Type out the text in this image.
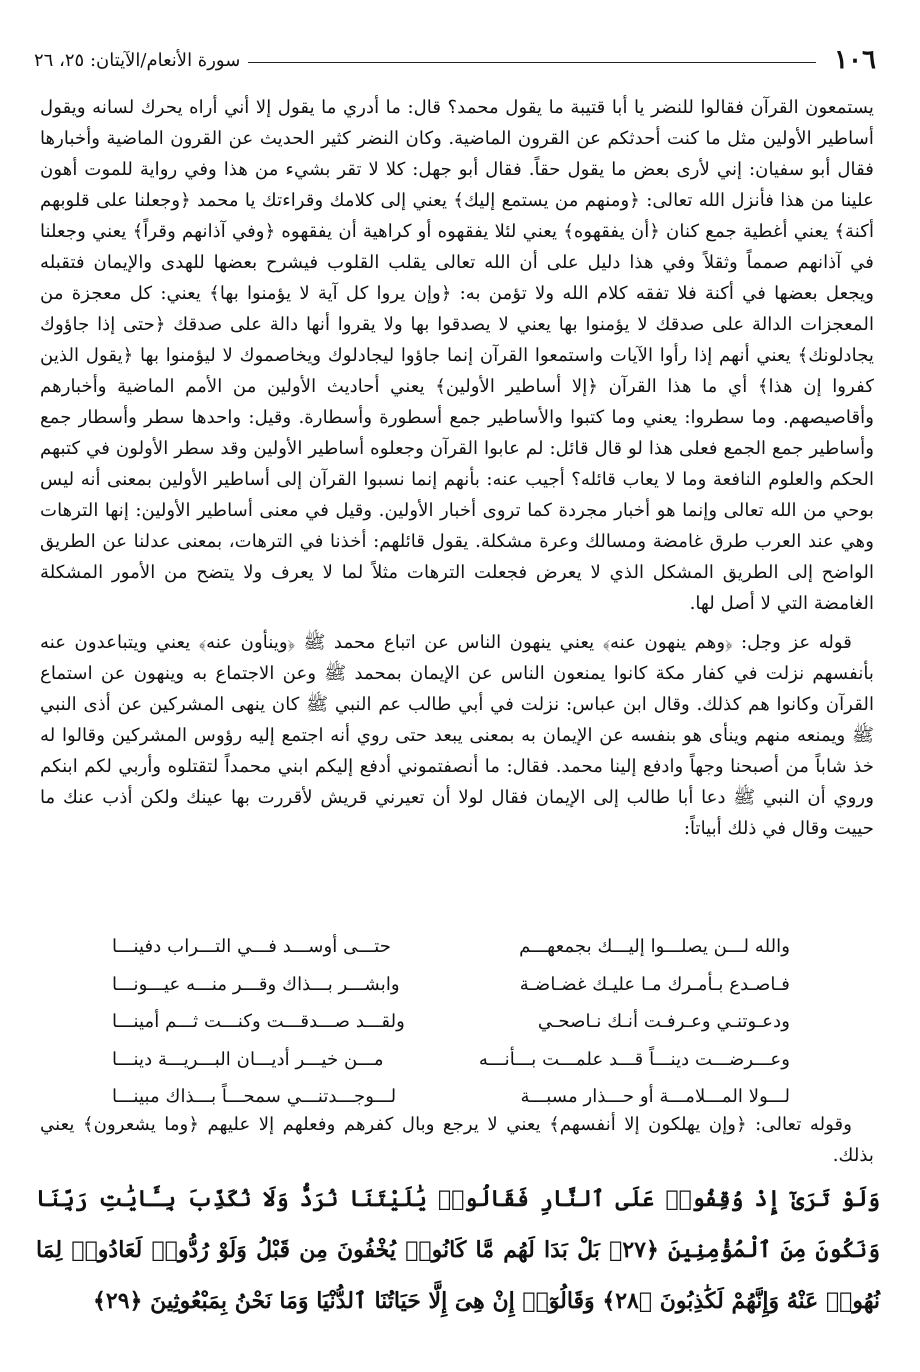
١٠٦
سورة الأنعام/الآيتان: ٢٥، ٢٦

يستمعون القرآن فقالوا للنضر يا أبا قتيبة ما يقول محمد؟ قال: ما أدري ما يقول إلا أني أراه يحرك لسانه ويقول أساطير الأولين مثل ما كنت أحدثكم عن القرون الماضية. وكان النضر كثير الحديث عن القرون الماضية وأخبارها فقال أبو سفيان: إني لأرى بعض ما يقول حقاً. فقال أبو جهل: كلا لا تقر بشيء من هذا وفي رواية للموت أهون علينا من هذا فأنزل الله تعالى: ﴿ومنهم من يستمع إليك﴾ يعني إلى كلامك وقراءتك يا محمد ﴿وجعلنا على قلوبهم أكنة﴾ يعني أغطية جمع كنان ﴿أن يفقهوه﴾ يعني لئلا يفقهوه أو كراهية أن يفقهوه ﴿وفي آذانهم وقراً﴾ يعني وجعلنا في آذانهم صمماً وثقلاً وفي هذا دليل على أن الله تعالى يقلب القلوب فيشرح بعضها للهدى والإيمان فتقبله ويجعل بعضها في أكنة فلا تفقه كلام الله ولا تؤمن به: ﴿وإن يروا كل آية لا يؤمنوا بها﴾ يعني: كل معجزة من المعجزات الدالة على صدقك لا يؤمنوا بها يعني لا يصدقوا بها ولا يقروا أنها دالة على صدقك ﴿حتى إذا جاؤوك يجادلونك﴾ يعني أنهم إذا رأوا الآيات واستمعوا القرآن إنما جاؤوا ليجادلوك ويخاصموك لا ليؤمنوا بها ﴿يقول الذين كفروا إن هذا﴾ أي ما هذا القرآن ﴿إلا أساطير الأولين﴾ يعني أحاديث الأولين من الأمم الماضية وأخبارهم وأقاصيصهم. وما سطروا: يعني وما كتبوا والأساطير جمع أسطورة وأسطارة. وقيل: واحدها سطر وأسطار جمع وأساطير جمع الجمع فعلى هذا لو قال قائل: لم عابوا القرآن وجعلوه أساطير الأولين وقد سطر الأولون في كتبهم الحكم والعلوم النافعة وما لا يعاب قائله؟ أجيب عنه: بأنهم إنما نسبوا القرآن إلى أساطير الأولين بمعنى أنه ليس بوحي من الله تعالى وإنما هو أخبار مجردة كما تروى أخبار الأولين. وقيل في معنى أساطير الأولين: إنها الترهات وهي عند العرب طرق غامضة ومسالك وعرة مشكلة. يقول قائلهم: أخذنا في الترهات، بمعنى عدلنا عن الطريق الواضح إلى الطريق المشكل الذي لا يعرض فجعلت الترهات مثلاً لما لا يعرف ولا يتضح من الأمور المشكلة الغامضة التي لا أصل لها.

قوله عز وجل: ﴿وهم ينهون عنه﴾ يعني ينهون الناس عن اتباع محمد ﷺ ﴿وينأون عنه﴾ يعني ويتباعدون عنه بأنفسهم نزلت في كفار مكة كانوا يمنعون الناس عن الإيمان بمحمد ﷺ وعن الاجتماع به وينهون عن استماع القرآن وكانوا هم كذلك. وقال ابن عباس: نزلت في أبي طالب عم النبي ﷺ كان ينهى المشركين عن أذى النبي ﷺ ويمنعه منهم وينأى هو بنفسه عن الإيمان به بمعنى يبعد حتى روي أنه اجتمع إليه رؤوس المشركين وقالوا له خذ شاباً من أصبحنا وجهاً وادفع إلينا محمد. فقال: ما أنصفتموني أدفع إليكم ابني محمداً لتقتلوه وأربي لكم ابنكم وروي أن النبي ﷺ دعا أبا طالب إلى الإيمان فقال لولا أن تعيرني قريش لأقررت بها عينك ولكن أذب عنك ما حييت وقال في ذلك أبياتاً:

والله لـــن يصلـــوا إليـــك بجمعهـــم
حتـــى أوســـد فـــي التـــراب دفينـــا
فـاصـدع بـأمـرك مـا عليـك غضـاضـة
وابشـــر بـــذاك وقـــر منـــه عيـــونـــا
ودعـوتنـي وعـرفـت أنـك نـاصحـي
ولقـــد صـــدقـــت وكنـــت ثـــم أمينـــا
وعـــرضـــت دينـــاً قـــد علمـــت بـــأنـــه
مـــن خيـــر أديـــان البـــريـــة دينـــا
لـــولا المـــلامـــة أو حـــذار مسبـــة
لـــوجـــدتنـــي سمحـــاً بـــذاك مبينـــا

وقوله تعالى: ﴿وإن يهلكون إلا أنفسهم﴾ يعني لا يرجع وبال كفرهم وفعلهم إلا عليهم ﴿وما يشعرون﴾ يعني بذلك.

وَلَوْ تَرَىٰٓ إِذْ وُقِفُوا۟ عَلَى ٱلنَّارِ فَقَالُوا۟ يَٰلَيْتَنَا نُرَدُّ وَلَا نُكَذِّبَ بِـَٔايَٰتِ رَبِّنَا وَنَكُونَ مِنَ ٱلْمُؤْمِنِينَ ﴿٢٧﴾ بَلْ بَدَا لَهُم مَّا كَانُوا۟ يُخْفُونَ مِن قَبْلُ وَلَوْ رُدُّوا۟ لَعَادُوا۟ لِمَا نُهُوا۟ عَنْهُ وَإِنَّهُمْ لَكَٰذِبُونَ ﴿٢٨﴾ وَقَالُوٓا۟ إِنْ هِىَ إِلَّا حَيَاتُنَا ٱلدُّنْيَا وَمَا نَحْنُ بِمَبْعُوثِينَ ﴿٢٩﴾
